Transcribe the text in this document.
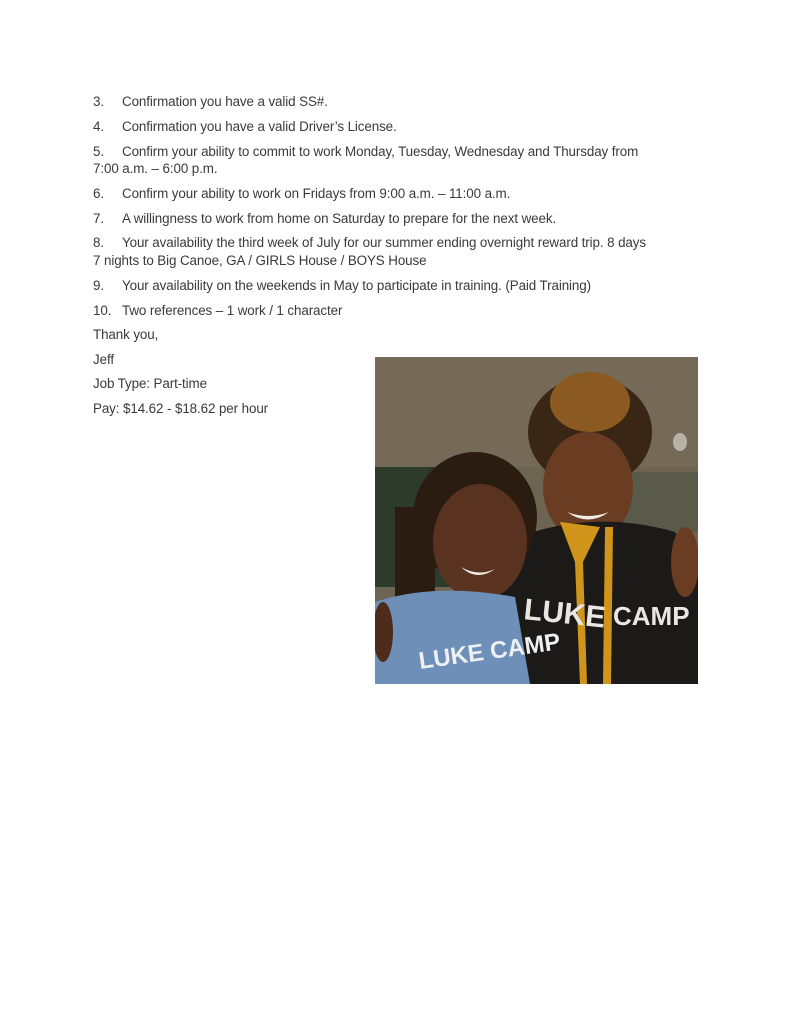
3. Confirmation you have a valid SS#.
4. Confirmation you have a valid Driver’s License.
5. Confirm your ability to commit to work Monday, Tuesday, Wednesday and Thursday from
7:00 a.m. – 6:00 p.m.
6. Confirm your ability to work on Fridays from 9:00 a.m. – 11:00 a.m.
7. A willingness to work from home on Saturday to prepare for the next week.
8. Your availability the third week of July for our summer ending overnight reward trip. 8 days
7 nights to Big Canoe, GA / GIRLS House / BOYS House
9. Your availability on the weekends in May to participate in training. (Paid Training)
10. Two references – 1 work / 1 character
Thank you,
Jeff
Job Type: Part-time
Pay: $14.62 - $18.62 per hour
LUKE CAMP
LUKE CAMP
